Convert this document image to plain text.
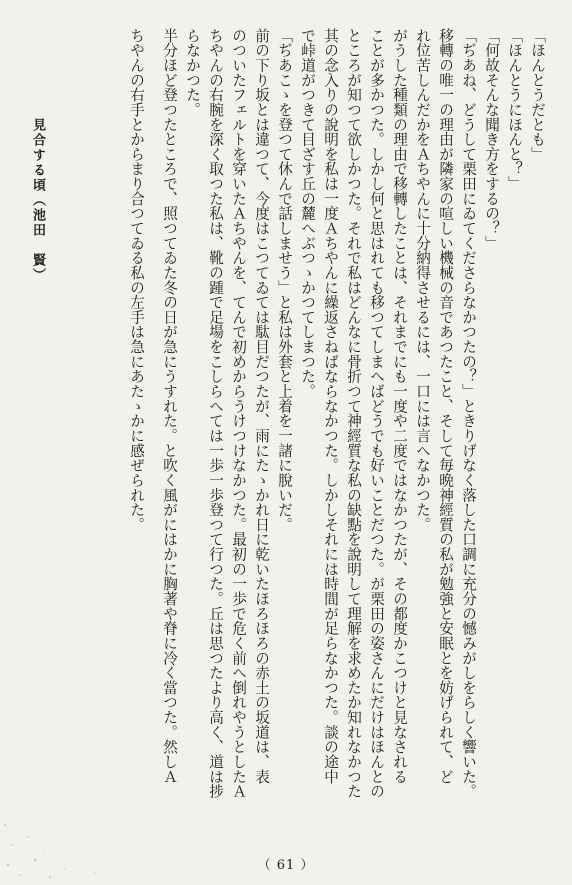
「ほんとうだとも」
「ほんとうにほんと？」
「何故そんな聞き方をするの？」
「ぢあね、どうして栗田にゐてくださらなかつたの？」ときりげなく落した口調に充分の憾みがしをらしく響いた。
移轉の唯一の理由が隣家の喧しい機械の音であつたこと、そして毎晩神經質の私が勉強と安眠とを妨げられて、ど
れ位苦しんだかをＡちやんに十分納得させるには、一口には言へなかつた。
がうした種類の理由で移轉したことは、それまでにも一度や二度ではなかつたが、その都度かこつけと見なされる
ことが多かつた。しかし何と思はれても移つてしまへばどうでも好いことだつた。が栗田の姿さんにだけはほんとの
ところが知つて欲しかつた。それで私はどんなに骨折つて神經質な私の缺點を說明して理解を求めたか知れなかつた
其の念入りの說明を私は一度Ａちやんに繰返さねばならなかつた。しかしそれには時間が足らなかつた。談の途中
で峠道がつきて目ざす丘の麓へぶつゝかつてしまつた。
「ぢあこゝを登つて休んで話しませう」と私は外套と上着を一諸に脫いだ。
前の下り坂とは違つて、今度はこつてゐては駄目だつたが、雨にたゝかれ日に乾いたほろほろの赤土の坂道は、表
のついたフェルトを穿いたＡちやんを、てんで初めからうけつけなかつた。最初の一歩で危く前へ倒れやうとしたＡ
ちやんの右腕を深く取つた私は、靴の踵で足場をこしらへては一歩一歩登つて行つた。丘は思つたより高く、道は捗
らなかつた。
半分ほど登つたところで、照つてゐた冬の日が急にうすれた。と吹く風がにはかに胸著や脊に冷く當つた。然しＡ
ちやんの右手とからまり合つてゐる私の左手は急にあたゝかに感ぜられた。
見合する頃（池田　賢）
（ 61 ）
